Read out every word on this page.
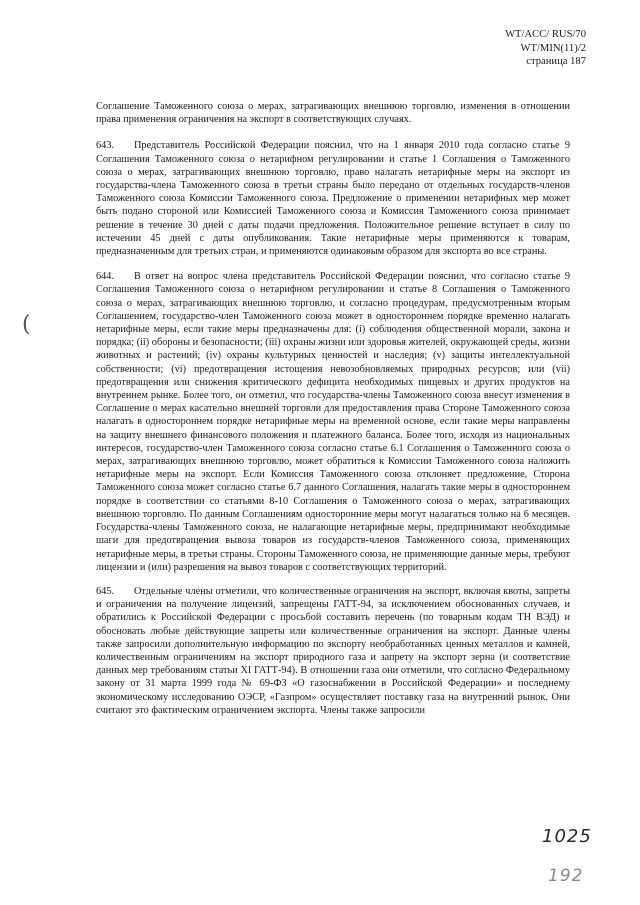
WT/ACC/ RUS/70
WT/MIN(11)/2
страница 187
(

Соглашение Таможенного союза о мерах, затрагивающих внешнюю торговлю, изменения в отношении права применения ограничения на экспорт в соответствующих случаях.

643. Представитель Российской Федерации пояснил, что на 1 января 2010 года согласно статье 9 Соглашения Таможенного союза о нетарифном регулировании и статье 1 Соглашения о Таможенного союза о мерах, затрагивающих внешнюю торговлю, право налагать нетарифные меры на экспорт из государства-члена Таможенного союза в третьи страны было передано от отдельных государств-членов Таможенного союза Комиссии Таможенного союза. Предложение о применении нетарифных мер может быть подано стороной или Комиссией Таможенного союза и Комиссия Таможенного союза принимает решение в течение 30 дней с даты подачи предложения. Положительное решение вступает в силу по истечении 45 дней с даты опубликования. Такие нетарифные меры применяются к товарам, предназначенным для третьих стран, и применяются одинаковым образом для экспорта во все страны.

644. В ответ на вопрос члена представитель Российской Федерации пояснил, что согласно статье 9 Соглашения Таможенного союза о нетарифном регулировании и статье 8 Соглашения о Таможенного союза о мерах, затрагивающих внешнюю торговлю, и согласно процедурам, предусмотренным вторым Соглашением, государство-член Таможенного союза может в одностороннем порядке временно налагать нетарифные меры, если такие меры предназначены для: (i) соблюдения общественной морали, закона и порядка; (ii) обороны и безопасности; (iii) охраны жизни или здоровья жителей, окружающей среды, жизни животных и растений; (iv) охраны культурных ценностей и наследия; (v) защиты интеллектуальной собственности; (vi) предотвращения истощения невозобновляемых природных ресурсов; или (vii) предотвращения или снижения критического дефицита необходимых пищевых и других продуктов на внутреннем рынке. Более того, он отметил, что государства-члены Таможенного союза внесут изменения в Соглашение о мерах касательно внешней торговли для предоставления права Стороне Таможенного союза налагать в одностороннем порядке нетарифные меры на временной основе, если такие меры направлены на защиту внешнего финансового положения и платежного баланса. Более того, исходя из национальных интересов, государство-член Таможенного союза согласно статье 6.1 Соглашения о Таможенного союза о мерах, затрагивающих внешнюю торговлю, может обратиться к Комиссии Таможенного союза наложить нетарифные меры на экспорт. Если Комиссия Таможенного союза отклоняет предложение, Сторона Таможенного союза может согласно статье 6.7 данного Соглашения, налагать такие меры в одностороннем порядке в соответствии со статьями 8-10 Соглашения о Таможенного союза о мерах, затрагивающих внешнюю торговлю. По данным Соглашениям односторонние меры могут налагаться только на 6 месяцев. Государства-члены Таможенного союза, не налагающие нетарифные меры, предпринимают необходимые шаги для предотвращения вывоза товаров из государств-членов Таможенного союза, применяющих нетарифные меры, в третьи страны. Стороны Таможенного союза, не применяющие данные меры, требуют лицензии и (или) разрешения на вывоз товаров с соответствующих территорий.

645. Отдельные члены отметили, что количественные ограничения на экспорт, включая квоты, запреты и ограничения на получение лицензий, запрещены ГАТТ-94, за исключением обоснованных случаев, и обратились к Российской Федерации с просьбой составить перечень (по товарным кодам ТН ВЭД) и обосновать любые действующие запреты или количественные ограничения на экспорт. Данные члены также запросили дополнительную информацию по экспорту необработанных ценных металлов и камней, количественным ограничениям на экспорт природного газа и запрету на экспорт зерна (и соответствие данных мер требованиям статьи XI ГАТТ-94). В отношении газа они отметили, что согласно Федеральному закону от 31 марта 1999 года № 69-ФЗ «О газоснабжении в Российской Федерации» и последнему экономическому исследованию ОЭСР, «Газпром» осуществляет поставку газа на внутренний рынок. Они считают это фактическим ограничением экспорта. Члены также запросили

1025
192
